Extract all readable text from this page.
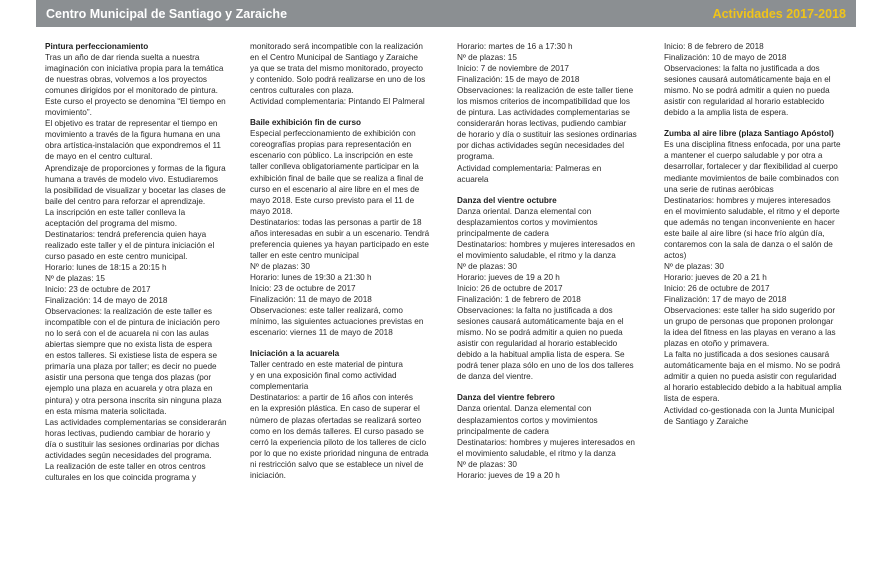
Centro Municipal de Santiago y Zaraiche	Actividades 2017-2018

Pintura perfeccionamiento

Tras un año de dar rienda suelta a nuestra

imaginación con iniciativa propia para la temática

de nuestras obras, volvemos a los proyectos

comunes dirigidos por el monitorado de pintura.

Este curso el proyecto se denomina “El tiempo en

movimiento”.

El objetivo es tratar de representar el tiempo en

movimiento a través de la figura humana en una

obra artística-instalación que expondremos el 11

de mayo en el centro cultural.

Aprendizaje de proporciones y formas de la figura

humana a través de modelo vivo. Estudiaremos

la posibilidad de visualizar y bocetar las clases de

baile del centro para reforzar el aprendizaje.

La inscripción en este taller conlleva la

aceptación del programa del mismo.

Destinatarios: tendrá preferencia quien haya

realizado este taller y el de pintura iniciación el

curso pasado en este centro municipal.

Horario: lunes de 18:15 a 20:15 h

Nº de plazas: 15

Inicio: 23 de octubre de 2017

Finalización: 14 de mayo de 2018

Observaciones: la realización de este taller es

incompatible con el de pintura de iniciación pero

no lo será con el de acuarela ni con las aulas

abiertas siempre que no exista lista de espera

en estos talleres. Si existiese lista de espera se

primaría una plaza por taller; es decir no puede

asistir una persona que tenga dos plazas (por

ejemplo una plaza en acuarela y otra plaza en

pintura) y otra persona inscrita sin ninguna plaza

en esta misma materia solicitada.

Las actividades complementarias se considerarán

horas lectivas, pudiendo cambiar de horario y

día o sustituir las sesiones ordinarias por dichas

actividades según necesidades del programa.

La realización de este taller en otros centros

culturales en los que coincida programa y

monitorado será incompatible con la realización

en el Centro Municipal de Santiago y Zaraiche

ya que se trata del mismo monitorado, proyecto

y contenido. Solo podrá realizarse en uno de los

centros culturales con plaza.

Actividad complementaria: Pintando El Palmeral

Baile exhibición fin de curso

Especial perfeccionamiento de exhibición con

coreografías propias para representación en

escenario con público. La inscripción en este

taller conlleva obligatoriamente participar en la

exhibición final de baile que se realiza a final de

curso en el escenario al aire libre en el mes de

mayo 2018. Este curso previsto para el 11 de

mayo 2018.

Destinatarios: todas las personas a partir de 18

años interesadas en subir a un escenario. Tendrá

preferencia quienes ya hayan participado en este

taller en este centro municipal

Nº de plazas: 30

Horario: lunes de 19:30 a 21:30 h

Inicio: 23 de octubre de 2017

Finalización: 11 de mayo de 2018

Observaciones: este taller realizará, como

mínimo, las siguientes actuaciones previstas en

escenario: viernes 11 de mayo de 2018

Iniciación a la acuarela

Taller centrado en este material de pintura

y en una exposición final como actividad

complementaria

Destinatarios: a partir de 16 años con interés

en la expresión plástica. En caso de superar el

número de plazas ofertadas se realizará sorteo

como en los demás talleres. El curso pasado se

cerró la experiencia piloto de los talleres de ciclo

por lo que no existe prioridad ninguna de entrada

ni restricción salvo que se establece un nivel de

iniciación.

Horario: martes de 16 a 17:30 h

Nº de plazas: 15

Inicio: 7 de noviembre de 2017

Finalización: 15 de mayo de 2018

Observaciones: la realización de este taller tiene

los mismos criterios de incompatibilidad que los

de pintura. Las actividades complementarias se

considerarán horas lectivas, pudiendo cambiar

de horario y día o sustituir las sesiones ordinarias

por dichas actividades según necesidades del

programa.

Actividad complementaria: Palmeras en

acuarela

Danza del vientre octubre

Danza oriental. Danza elemental con

desplazamientos cortos y movimientos

principalmente de cadera

Destinatarios: hombres y mujeres interesados en

el movimiento saludable, el ritmo y la danza

Nº de plazas: 30

Horario: jueves de 19 a 20 h

Inicio: 26 de octubre de 2017

Finalización: 1 de febrero de 2018

Observaciones: la falta no justificada a dos

sesiones causará automáticamente baja en el

mismo. No se podrá admitir a quien no pueda

asistir con regularidad al horario establecido

debido a la habitual amplia lista de espera. Se

podrá tener plaza sólo en uno de los dos talleres

de danza del vientre.

Danza del vientre febrero

Danza oriental. Danza elemental con

desplazamientos cortos y movimientos

principalmente de cadera

Destinatarios: hombres y mujeres interesados en

el movimiento saludable, el ritmo y la danza

Nº de plazas: 30

Horario: jueves de 19 a 20 h

Inicio: 8 de febrero de 2018

Finalización: 10 de mayo de 2018

Observaciones: la falta no justificada a dos

sesiones causará automáticamente baja en el

mismo. No se podrá admitir a quien no pueda

asistir con regularidad al horario establecido

debido a la amplia lista de espera.

Zumba al aire libre (plaza Santiago Apóstol)

Es una disciplina fitness enfocada, por una parte

a mantener el cuerpo saludable y por otra a

desarrollar, fortalecer y dar flexibilidad al cuerpo

mediante movimientos de baile combinados con

una serie de rutinas aeróbicas

Destinatarios: hombres y mujeres interesados

en el movimiento saludable, el ritmo y el deporte

que además no tengan inconveniente en hacer

este baile al aire libre (si hace frío algún día,

contaremos con la sala de danza o el salón de

actos)

Nº de plazas: 30

Horario: jueves de 20 a 21 h

Inicio: 26 de octubre de 2017

Finalización: 17 de mayo de 2018

Observaciones: este taller ha sido sugerido por

un grupo de personas que proponen prolongar

la idea del fitness en las playas en verano a las

plazas en otoño y primavera.

La falta no justificada a dos sesiones causará

automáticamente baja en el mismo. No se podrá

admitir a quien no pueda asistir con regularidad

al horario establecido debido a la habitual amplia

lista de espera.

Actividad co-gestionada con la Junta Municipal

de Santiago y Zaraiche
